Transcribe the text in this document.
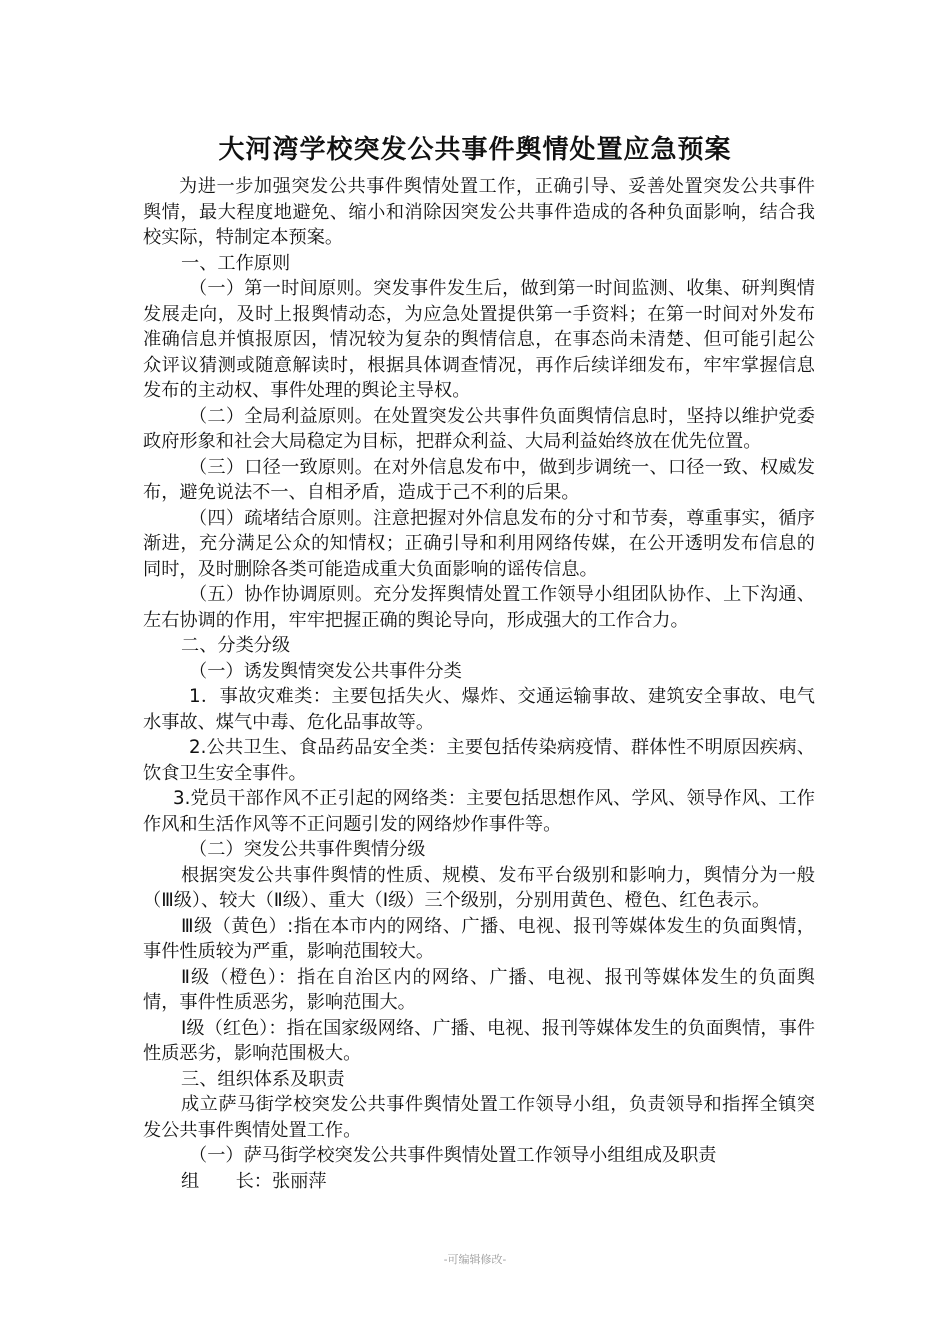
大河湾学校突发公共事件舆情处置应急预案

为进一步加强突发公共事件舆情处置工作，正确引导、妥善处置突发公共事件舆情，最大程度地避免、缩小和消除因突发公共事件造成的各种负面影响，结合我校实际，特制定本预案。

一、工作原则

（一）第一时间原则。突发事件发生后，做到第一时间监测、收集、研判舆情发展走向，及时上报舆情动态，为应急处置提供第一手资料；在第一时间对外发布准确信息并慎报原因，情况较为复杂的舆情信息，在事态尚未清楚、但可能引起公众评议猜测或随意解读时，根据具体调查情况，再作后续详细发布，牢牢掌握信息发布的主动权、事件处理的舆论主导权。

（二）全局利益原则。在处置突发公共事件负面舆情信息时，坚持以维护党委政府形象和社会大局稳定为目标，把群众利益、大局利益始终放在优先位置。

（三）口径一致原则。在对外信息发布中，做到步调统一、口径一致、权威发布，避免说法不一、自相矛盾，造成于己不利的后果。

（四）疏堵结合原则。注意把握对外信息发布的分寸和节奏，尊重事实，循序渐进，充分满足公众的知情权；正确引导和利用网络传媒，在公开透明发布信息的同时，及时删除各类可能造成重大负面影响的谣传信息。

（五）协作协调原则。充分发挥舆情处置工作领导小组团队协作、上下沟通、左右协调的作用，牢牢把握正确的舆论导向，形成强大的工作合力。

二、分类分级

（一）诱发舆情突发公共事件分类

1．事故灾难类：主要包括失火、爆炸、交通运输事故、建筑安全事故、电气水事故、煤气中毒、危化品事故等。

2.公共卫生、食品药品安全类：主要包括传染病疫情、群体性不明原因疾病、饮食卫生安全事件。

3.党员干部作风不正引起的网络类：主要包括思想作风、学风、领导作风、工作作风和生活作风等不正问题引发的网络炒作事件等。

（二）突发公共事件舆情分级

根据突发公共事件舆情的性质、规模、发布平台级别和影响力，舆情分为一般（Ⅲ级）、较大（Ⅱ级）、重大（Ⅰ级）三个级别，分别用黄色、橙色、红色表示。

Ⅲ级（黄色）:指在本市内的网络、广播、电视、报刊等媒体发生的负面舆情，事件性质较为严重，影响范围较大。

Ⅱ级（橙色）：指在自治区内的网络、广播、电视、报刊等媒体发生的负面舆情，事件性质恶劣，影响范围大。

Ⅰ级（红色）：指在国家级网络、广播、电视、报刊等媒体发生的负面舆情，事件性质恶劣，影响范围极大。

三、组织体系及职责

成立萨马街学校突发公共事件舆情处置工作领导小组，负责领导和指挥全镇突发公共事件舆情处置工作。

（一）萨马街学校突发公共事件舆情处置工作领导小组组成及职责

组　　长：张丽萍

-可编辑修改-
